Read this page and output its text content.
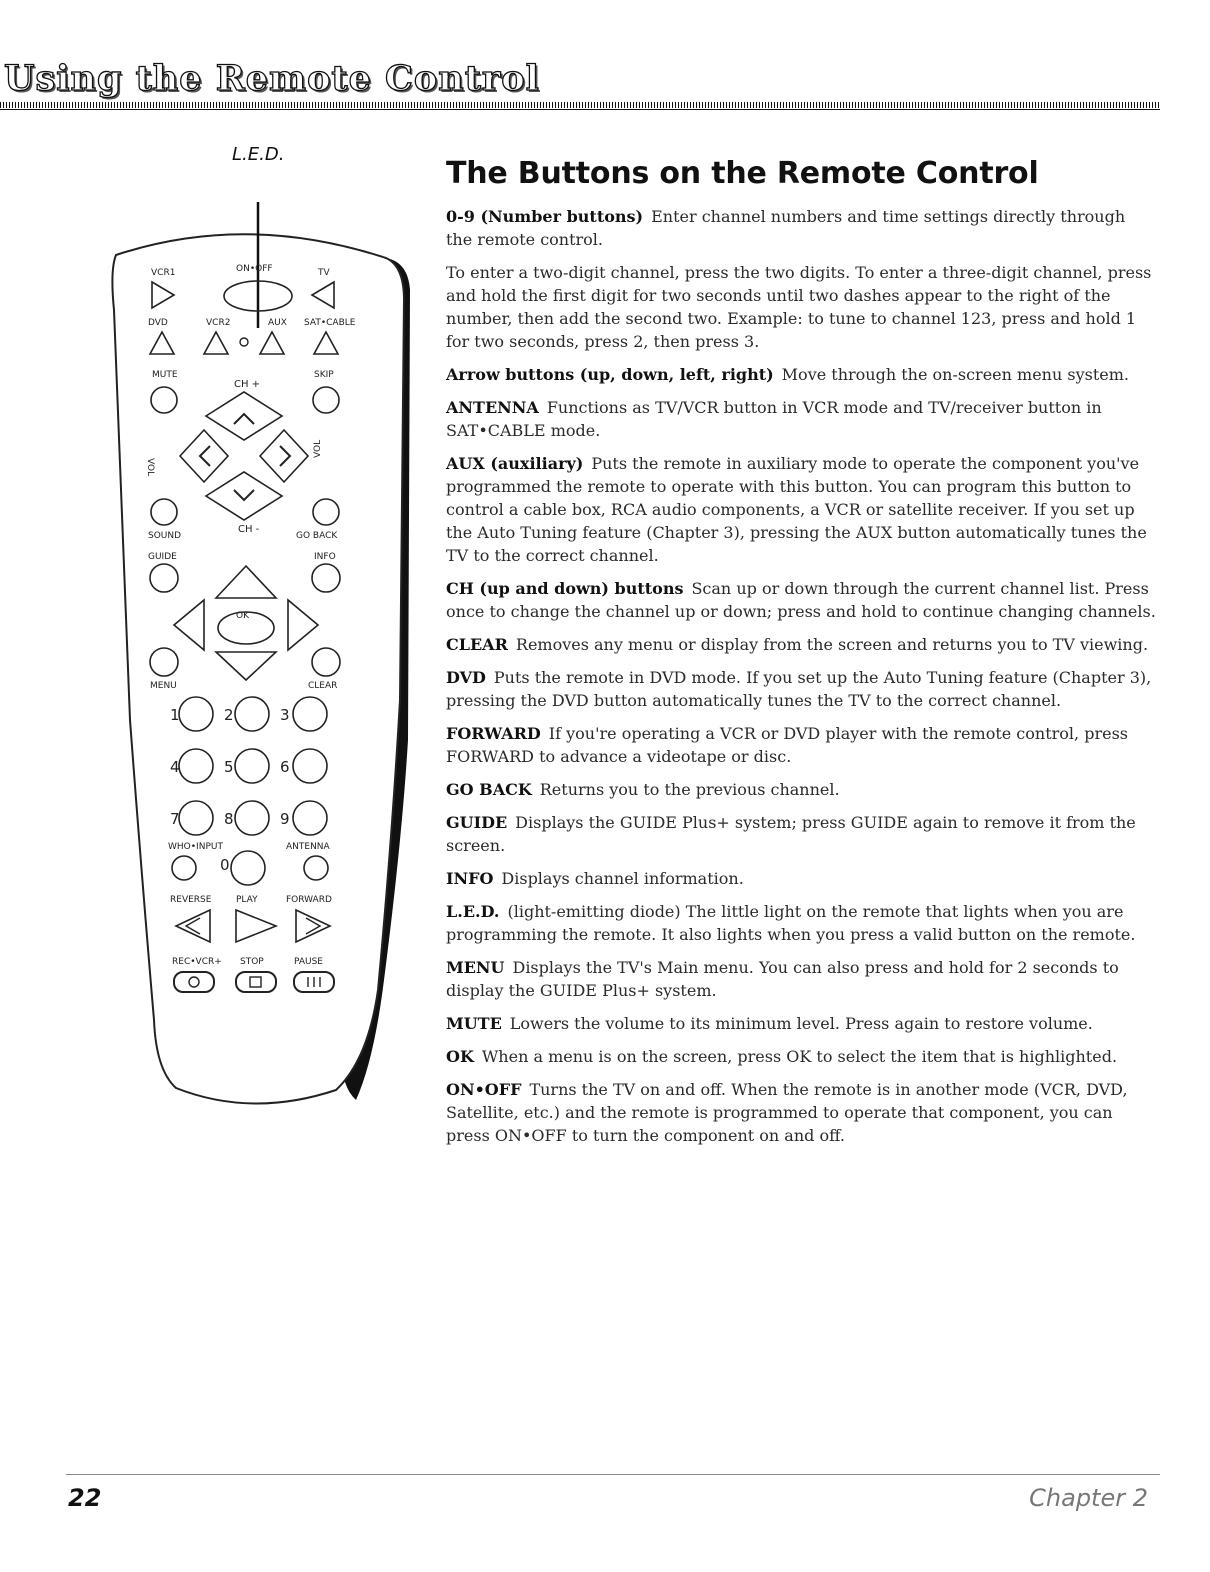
Using the Remote Control
L.E.D.
VCR1	ON•OFF	TV
DVD	VCR2	AUX SAT•CABLE
MUTE	SKIP
CH +
VOL
VOL
CH -
SOUND	GO BACK
GUIDE	INFO
OK
MENU	CLEAR
1	2	3
4	5	6
7	8	9
WHO•INPUT	ANTENNA
0
REVERSE	PLAY	FORWARD
REC•VCR+ STOP	PAUSE
The Buttons on the Remote Control

0-9 (Number buttons) Enter channel numbers and time settings directly through the remote control.

To enter a two-digit channel, press the two digits. To enter a three-digit channel, press and hold the first digit for two seconds until two dashes appear to the right of the number, then add the second two. Example: to tune to channel 123, press and hold 1 for two seconds, press 2, then press 3.

Arrow buttons (up, down, left, right) Move through the on-screen menu system.

ANTENNA Functions as TV/VCR button in VCR mode and TV/receiver button in SAT•CABLE mode.

AUX (auxiliary) Puts the remote in auxiliary mode to operate the component you've programmed the remote to operate with this button. You can program this button to control a cable box, RCA audio components, a VCR or satellite receiver. If you set up the Auto Tuning feature (Chapter 3), pressing the AUX button automatically tunes the TV to the correct channel.

CH (up and down) buttons Scan up or down through the current channel list. Press once to change the channel up or down; press and hold to continue changing channels.

CLEAR Removes any menu or display from the screen and returns you to TV viewing.

DVD Puts the remote in DVD mode. If you set up the Auto Tuning feature (Chapter 3), pressing the DVD button automatically tunes the TV to the correct channel.

FORWARD If you're operating a VCR or DVD player with the remote control, press FORWARD to advance a videotape or disc.

GO BACK Returns you to the previous channel.

GUIDE Displays the GUIDE Plus+ system; press GUIDE again to remove it from the screen.

INFO Displays channel information.

L.E.D. (light-emitting diode) The little light on the remote that lights when you are programming the remote. It also lights when you press a valid button on the remote.

MENU Displays the TV's Main menu. You can also press and hold for 2 seconds to display the GUIDE Plus+ system.

MUTE Lowers the volume to its minimum level. Press again to restore volume.

OK When a menu is on the screen, press OK to select the item that is highlighted.

ON•OFF Turns the TV on and off. When the remote is in another mode (VCR, DVD, Satellite, etc.) and the remote is programmed to operate that component, you can press ON•OFF to turn the component on and off.

22	Chapter 2
